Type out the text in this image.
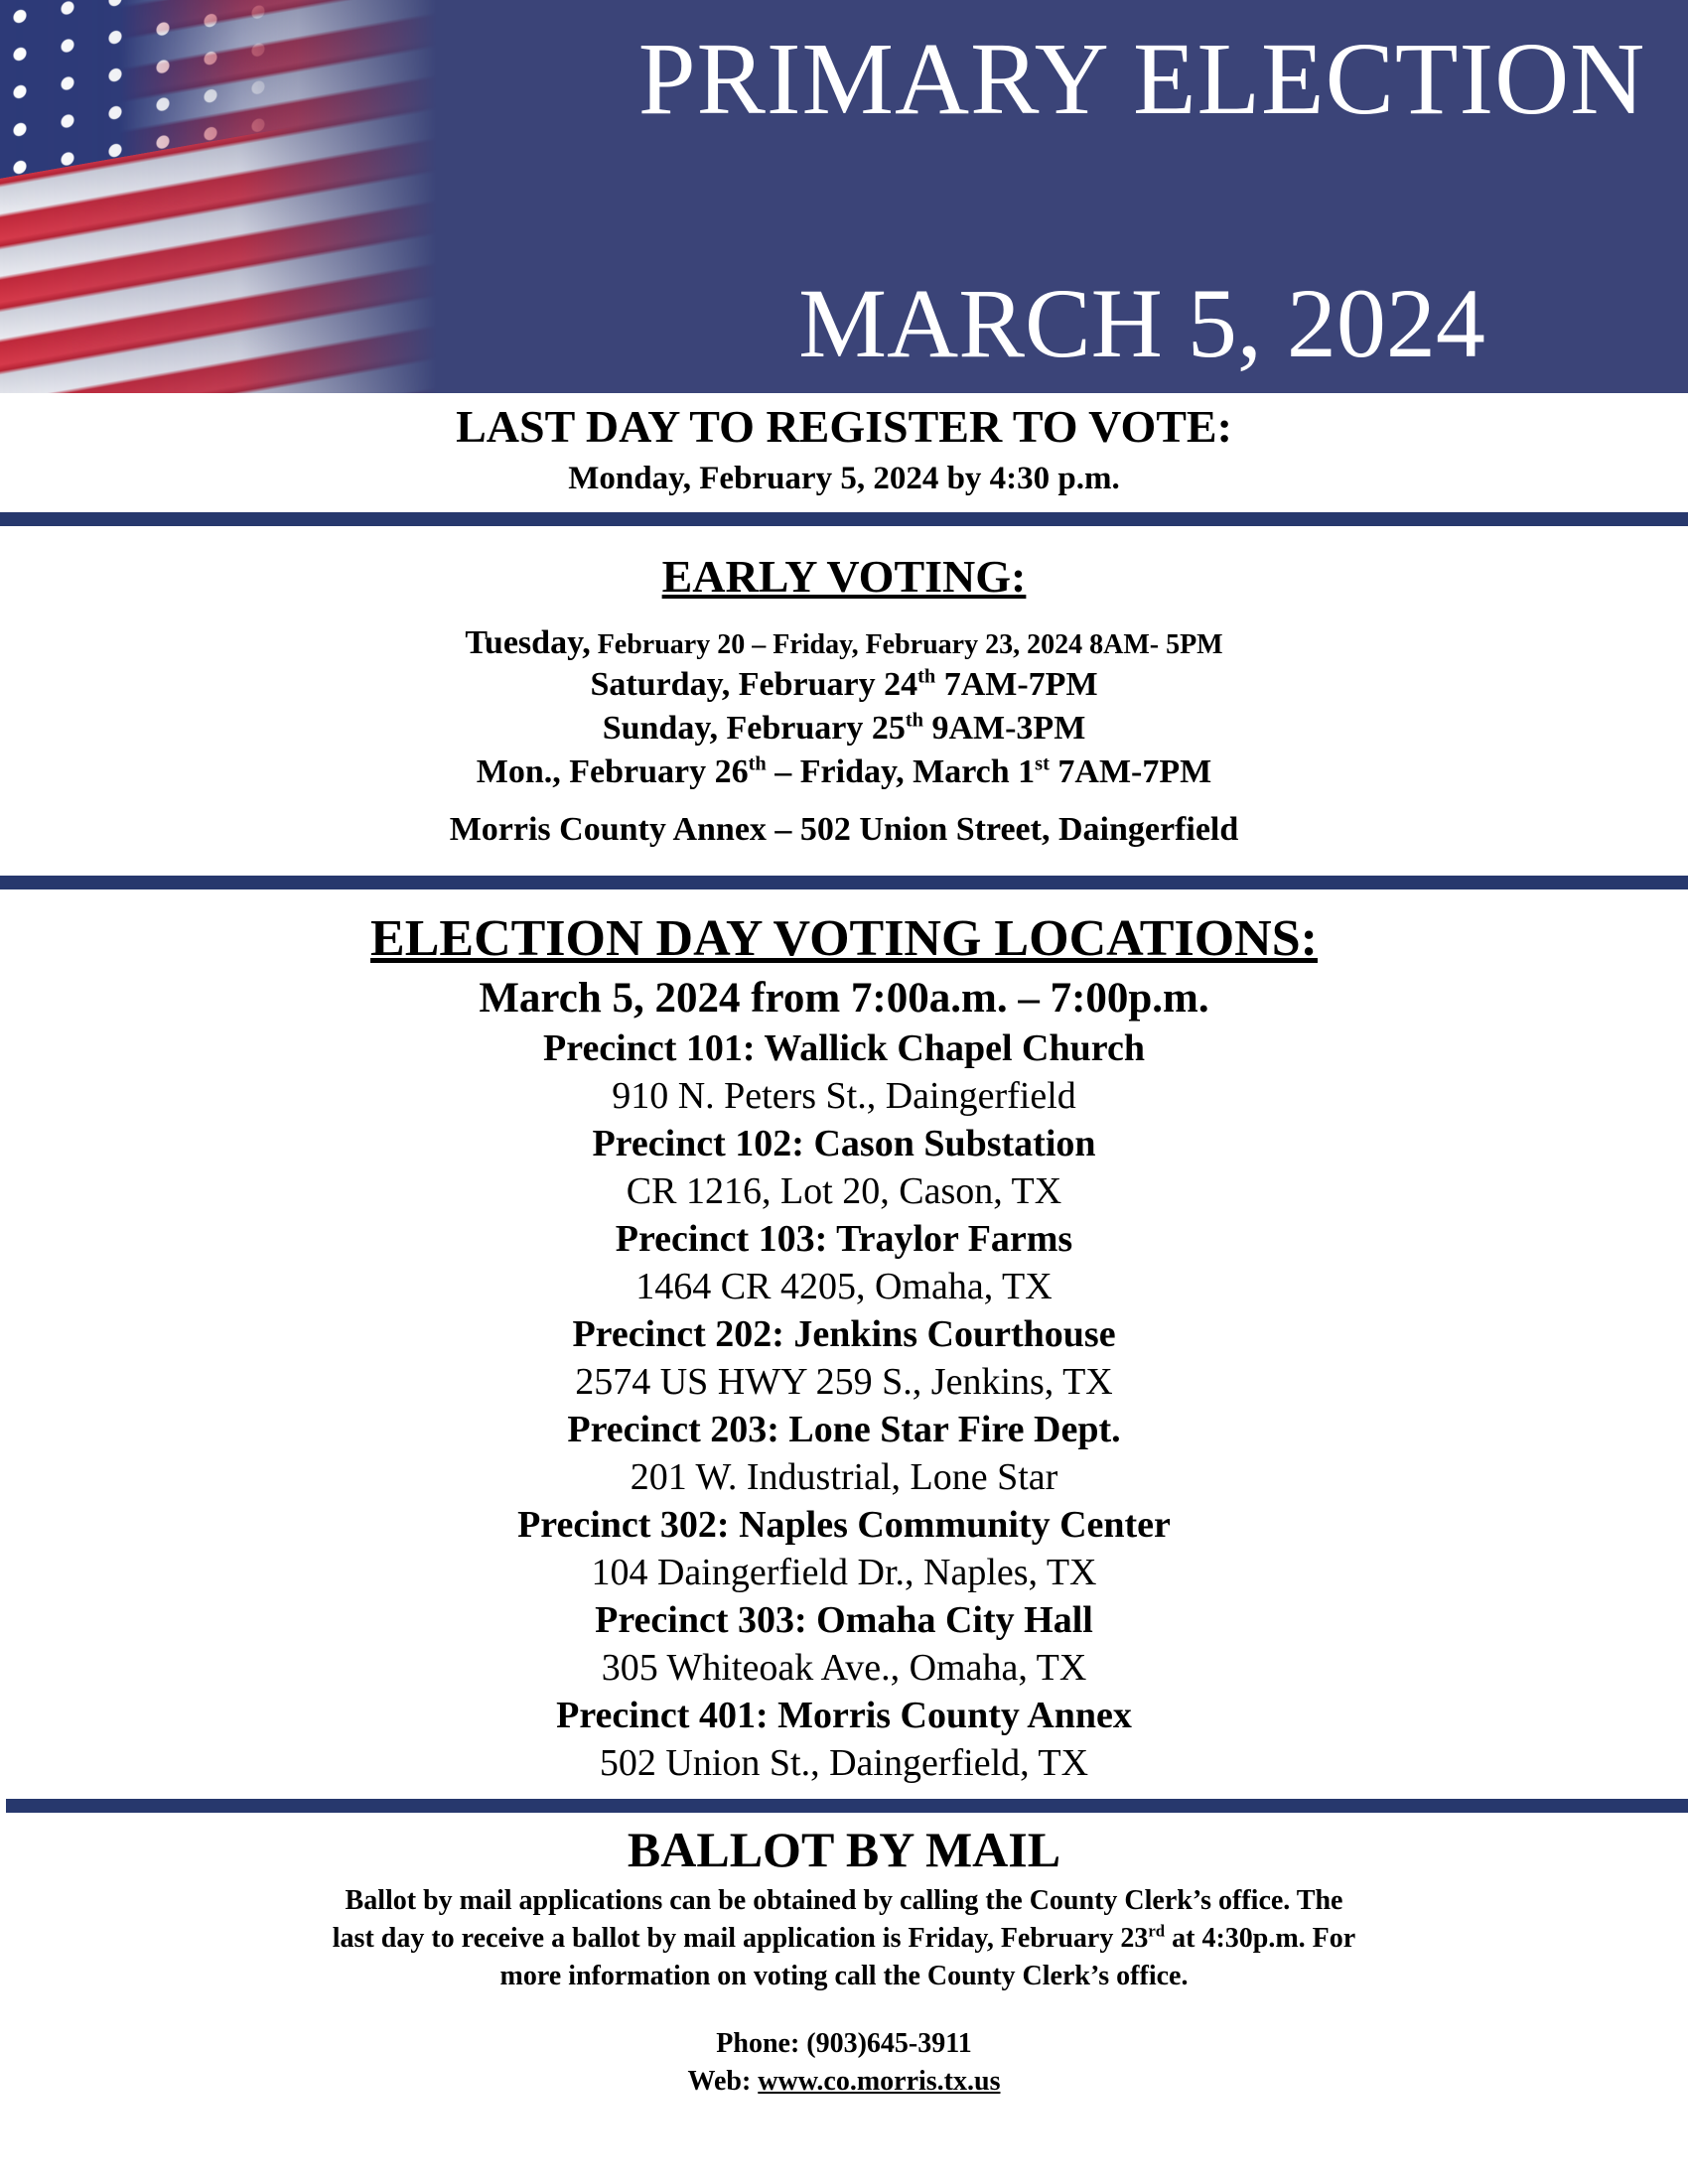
PRIMARY ELECTION
MARCH 5, 2024
LAST DAY TO REGISTER TO VOTE:
Monday, February 5, 2024 by 4:30 p.m.
EARLY VOTING:
Tuesday, February 20 – Friday, February 23, 2024 8AM- 5PM
Saturday, February 24th 7AM-7PM
Sunday, February 25th 9AM-3PM
Mon., February 26th – Friday, March 1st 7AM-7PM
Morris County Annex – 502 Union Street, Daingerfield
ELECTION DAY VOTING LOCATIONS:
March 5, 2024 from 7:00a.m. – 7:00p.m.
Precinct 101: Wallick Chapel Church
910 N. Peters St., Daingerfield
Precinct 102: Cason Substation
CR 1216, Lot 20, Cason, TX
Precinct 103: Traylor Farms
1464 CR 4205, Omaha, TX
Precinct 202: Jenkins Courthouse
2574 US HWY 259 S., Jenkins, TX
Precinct 203: Lone Star Fire Dept.
201 W. Industrial, Lone Star
Precinct 302: Naples Community Center
104 Daingerfield Dr., Naples, TX
Precinct 303: Omaha City Hall
305 Whiteoak Ave., Omaha, TX
Precinct 401: Morris County Annex
502 Union St., Daingerfield, TX
BALLOT BY MAIL
Ballot by mail applications can be obtained by calling the County Clerk’s office. The
last day to receive a ballot by mail application is Friday, February 23rd at 4:30p.m. For
more information on voting call the County Clerk’s office.
Phone: (903)645-3911
Web: www.co.morris.tx.us
